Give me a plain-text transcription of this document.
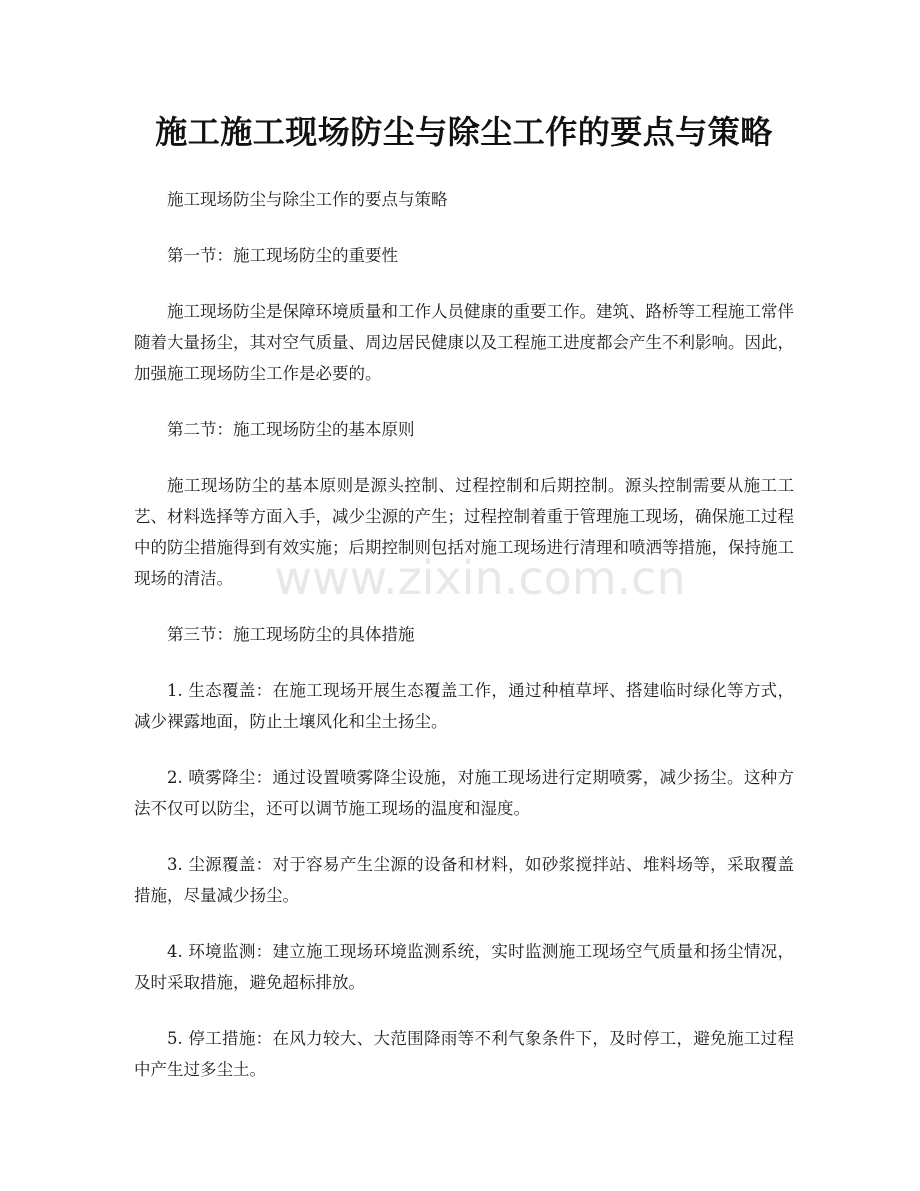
施工施工现场防尘与除尘工作的要点与策略

施工现场防尘与除尘工作的要点与策略

第一节：施工现场防尘的重要性

施工现场防尘是保障环境质量和工作人员健康的重要工作。建筑、路桥等工程施工常伴随着大量扬尘，其对空气质量、周边居民健康以及工程施工进度都会产生不利影响。因此，加强施工现场防尘工作是必要的。

第二节：施工现场防尘的基本原则

施工现场防尘的基本原则是源头控制、过程控制和后期控制。源头控制需要从施工工艺、材料选择等方面入手，减少尘源的产生；过程控制着重于管理施工现场，确保施工过程中的防尘措施得到有效实施；后期控制则包括对施工现场进行清理和喷洒等措施，保持施工现场的清洁。

第三节：施工现场防尘的具体措施

1. 生态覆盖：在施工现场开展生态覆盖工作，通过种植草坪、搭建临时绿化等方式，减少裸露地面，防止土壤风化和尘土扬尘。

2. 喷雾降尘：通过设置喷雾降尘设施，对施工现场进行定期喷雾，减少扬尘。这种方法不仅可以防尘，还可以调节施工现场的温度和湿度。

3. 尘源覆盖：对于容易产生尘源的设备和材料，如砂浆搅拌站、堆料场等，采取覆盖措施，尽量减少扬尘。

4. 环境监测：建立施工现场环境监测系统，实时监测施工现场空气质量和扬尘情况，及时采取措施，避免超标排放。

5. 停工措施：在风力较大、大范围降雨等不利气象条件下，及时停工，避免施工过程中产生过多尘土。

www.zixin.com.cn
